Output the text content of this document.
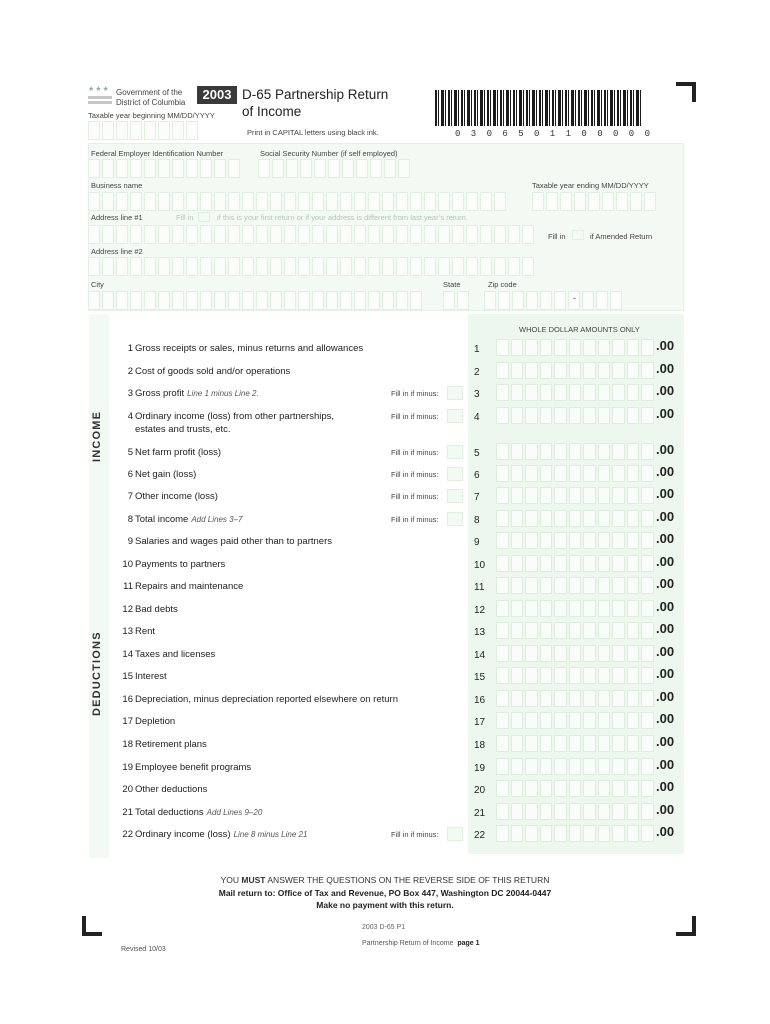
★★★ Government of the
District of Columbia
2003 D-65 Partnership Return
of Income
Taxable year beginning MM/DD/YYYY
Print in CAPITAL letters using black ink.	0306501100000
Federal Employer Identification Number	Social Security Number (if self employed)
Business name	Taxable year ending MM/DD/YYYY
Address line #1	Fill in	if this is your first return or if your address is different from last year’s return.
Fill in	if Amended Return
Address line #2
City	State	Zip code
-
INCOME
DEDUCTIONS
WHOLE DOLLAR AMOUNTS ONLY
1 Gross receipts or sales, minus returns and allowances	1	.00
2 Cost of goods sold and/or operations	2	.00
3 Gross profit Line 1 minus Line 2.	Fill in if minus:	3	.00
4 Ordinary income (loss) from other partnerships,
estates and trusts, etc.
Fill in if minus:	4	.00
5 Net farm profit (loss)	Fill in if minus:	5	.00
6 Net gain (loss)	Fill in if minus:	6	.00
7 Other income (loss)	Fill in if minus:	7	.00
8 Total income Add Lines 3–7	Fill in if minus:	8	.00
9 Salaries and wages paid other than to partners	9	.00
10 Payments to partners	10	.00
11 Repairs and maintenance	11	.00
12 Bad debts	12	.00
13 Rent	13	.00
14 Taxes and licenses	14	.00
15 Interest	15	.00
16 Depreciation, minus depreciation reported elsewhere on return	16	.00
17 Depletion	17	.00
18 Retirement plans	18	.00
19 Employee benefit programs	19	.00
20 Other deductions	20	.00
21 Total deductions Add Lines 9–20	21	.00
22 Ordinary income (loss) Line 8 minus Line 21	Fill in if minus:	22	.00
YOU MUST ANSWER THE QUESTIONS ON THE REVERSE SIDE OF THIS RETURN
Mail return to: Office of Tax and Revenue, PO Box 447, Washington DC 20044-0447
Make no payment with this return.
2003 D-65 P1
Partnership Return of Income page 1
Revised 10/03
